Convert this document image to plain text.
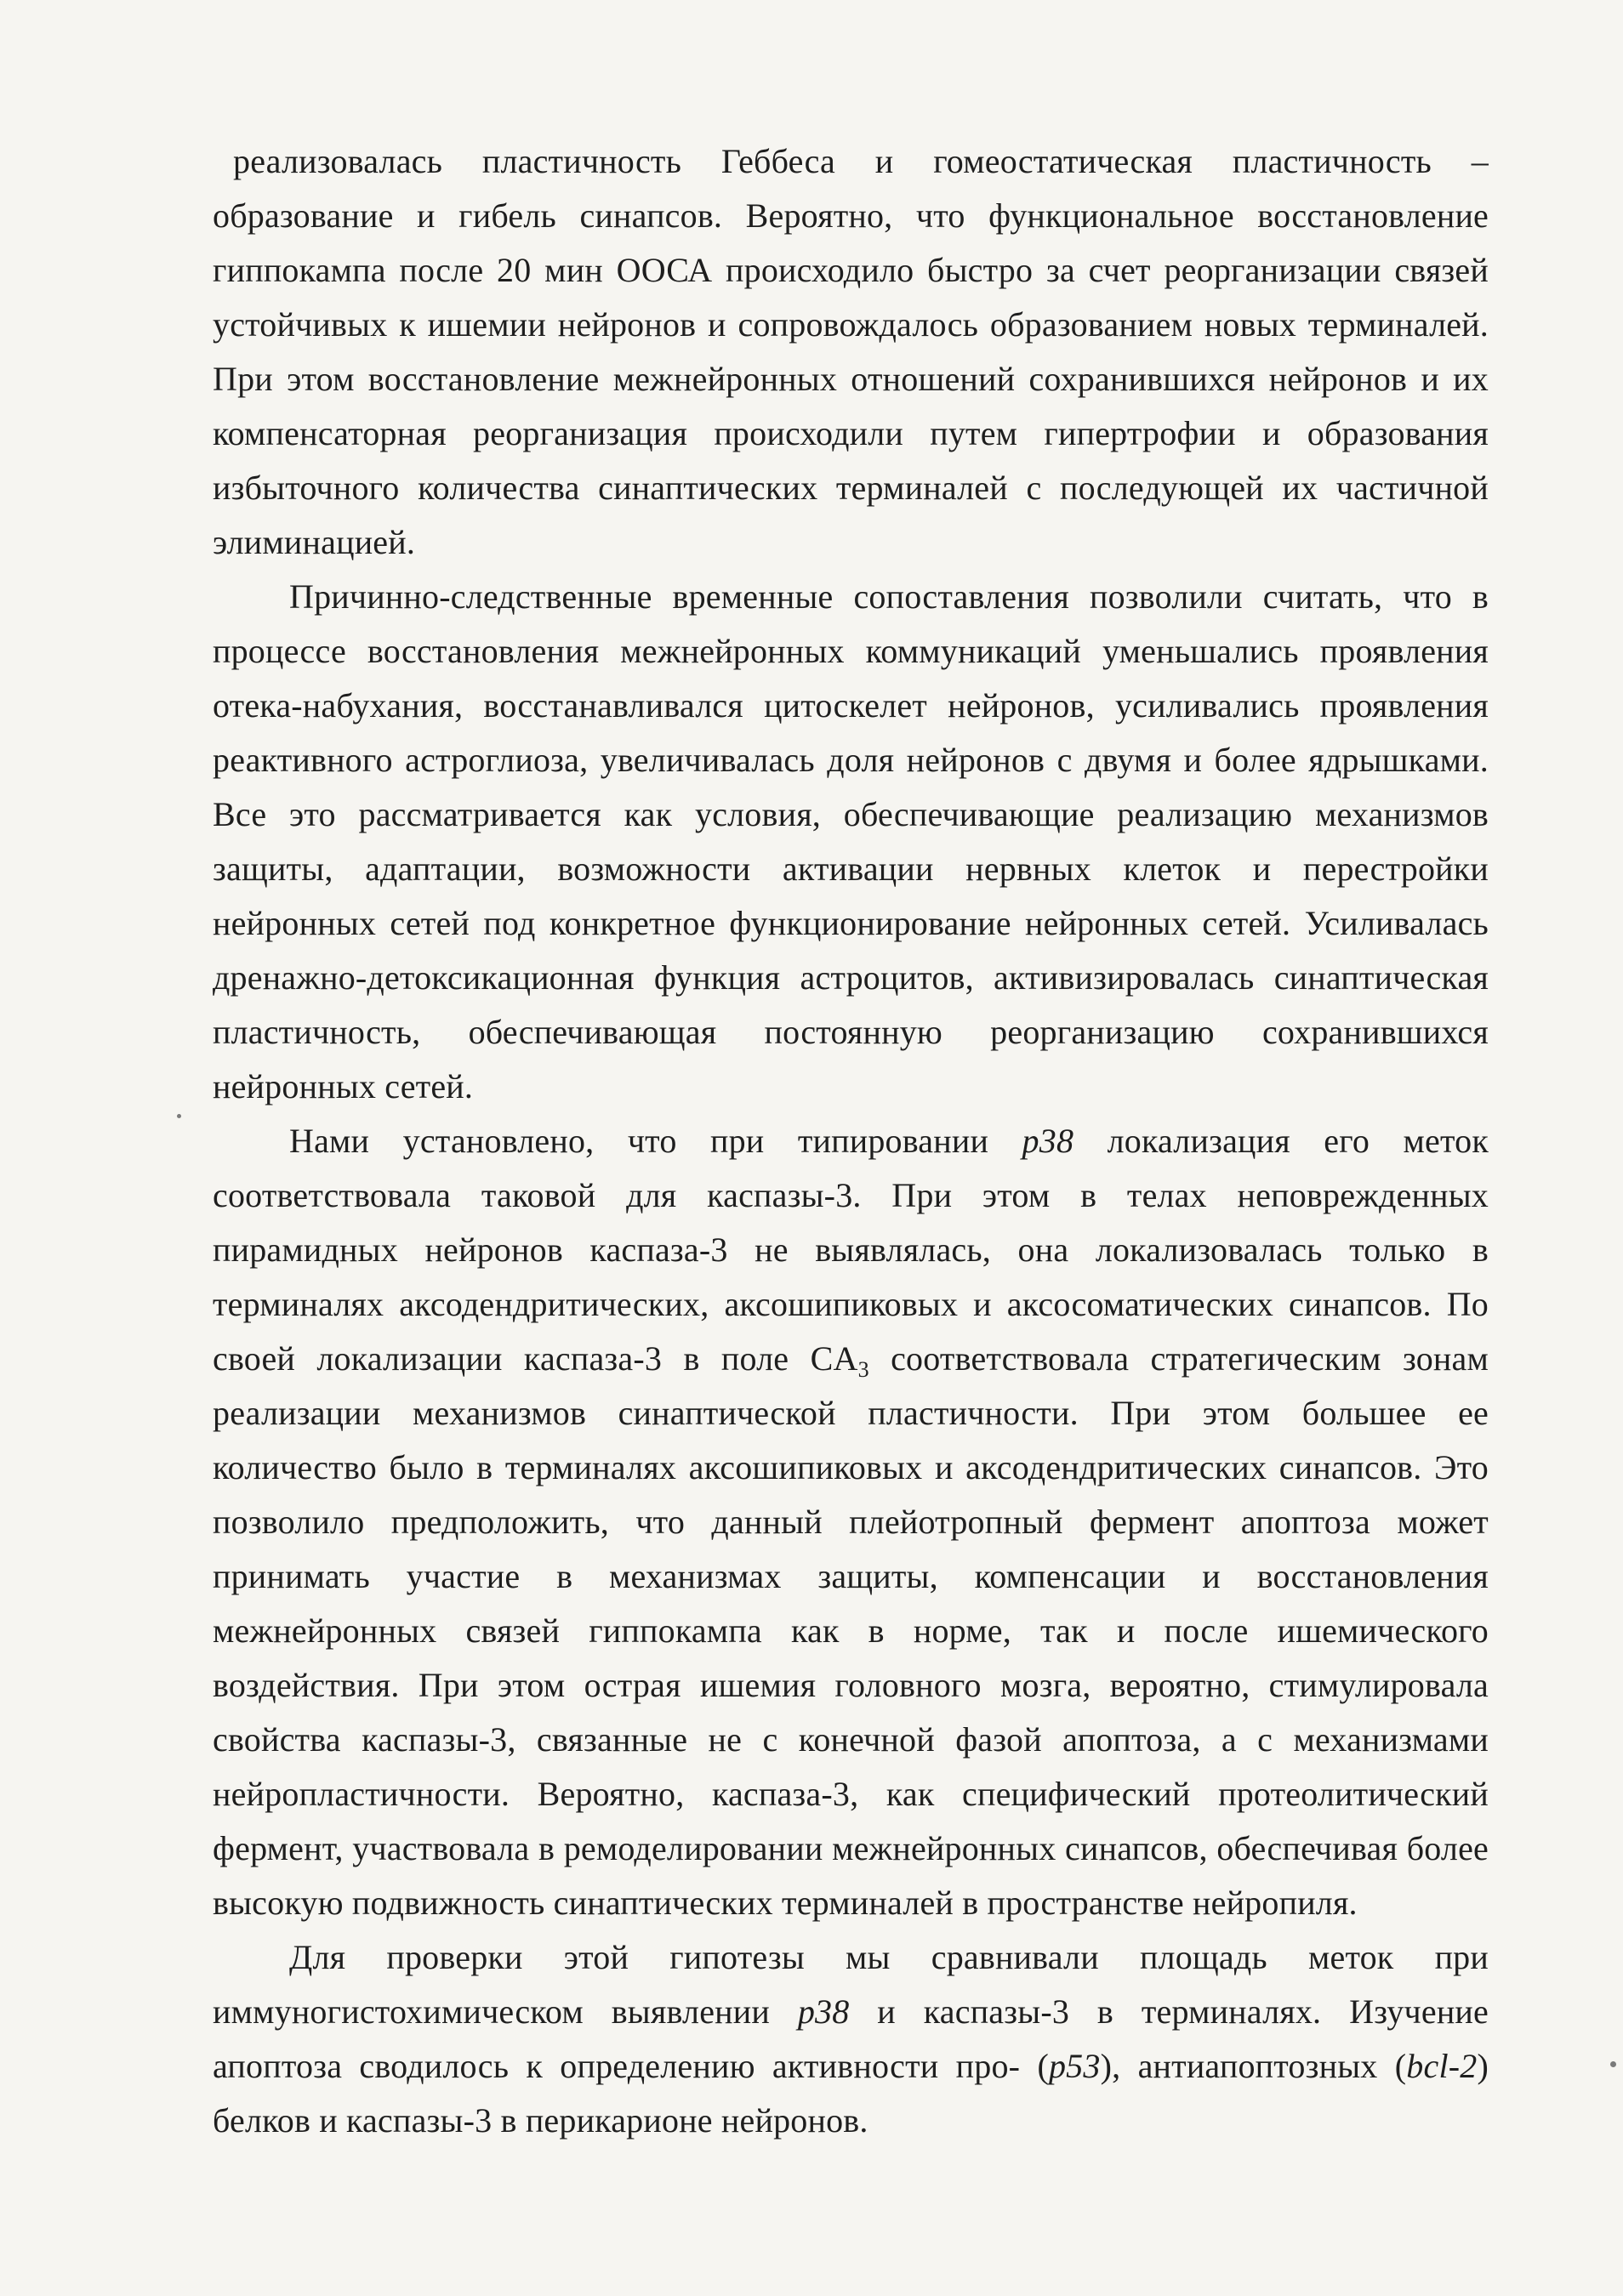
реализовалась пластичность Геббеса и гомеостатическая пластичность – образование и гибель синапсов. Вероятно, что функциональное восстановление гиппокампа после 20 мин ООСА происходило быстро за счет реорганизации связей устойчивых к ишемии нейронов и сопровождалось образованием новых терминалей. При этом восстановление межнейронных отношений сохранившихся нейронов и их компенсаторная реорганизация происходили путем гипертрофии и образования избыточного количества синаптических терминалей с последующей их частичной элиминацией.

Причинно-следственные временные сопоставления позволили считать, что в процессе восстановления межнейронных коммуникаций уменьшались проявления отека-набухания, восстанавливался цитоскелет нейронов, усиливались проявления реактивного астроглиоза, увеличивалась доля нейронов с двумя и более ядрышками. Все это рассматривается как условия, обеспечивающие реализацию механизмов защиты, адаптации, возможности активации нервных клеток и перестройки нейронных сетей под конкретное функционирование нейронных сетей. Усиливалась дренажно-детоксикационная функция астроцитов, активизировалась синаптическая пластичность, обеспечивающая постоянную реорганизацию сохранившихся нейронных сетей.

Нами установлено, что при типировании p38 локализация его меток соответствовала таковой для каспазы-3. При этом в телах неповрежденных пирамидных нейронов каспаза-3 не выявлялась, она локализовалась только в терминалях аксодендритических, аксошипиковых и аксосоматических синапсов. По своей локализации каспаза-3 в поле $CA_3$ соответствовала стратегическим зонам реализации механизмов синаптической пластичности. При этом большее ее количество было в терминалях аксошипиковых и аксодендритических синапсов. Это позволило предположить, что данный плейотропный фермент апоптоза может принимать участие в механизмах защиты, компенсации и восстановления межнейронных связей гиппокампа как в норме, так и после ишемического воздействия. При этом острая ишемия головного мозга, вероятно, стимулировала свойства каспазы-3, связанные не с конечной фазой апоптоза, а с механизмами нейропластичности. Вероятно, каспаза-3, как специфический протеолитический фермент, участвовала в ремоделировании межнейронных синапсов, обеспечивая более высокую подвижность синаптических терминалей в пространстве нейропиля.

Для проверки этой гипотезы мы сравнивали площадь меток при иммуногистохимическом выявлении p38 и каспазы-3 в терминалях. Изучение апоптоза сводилось к определению активности про- (p53), антиапоптозных (bcl-2) белков и каспазы-3 в перикарионе нейронов.
